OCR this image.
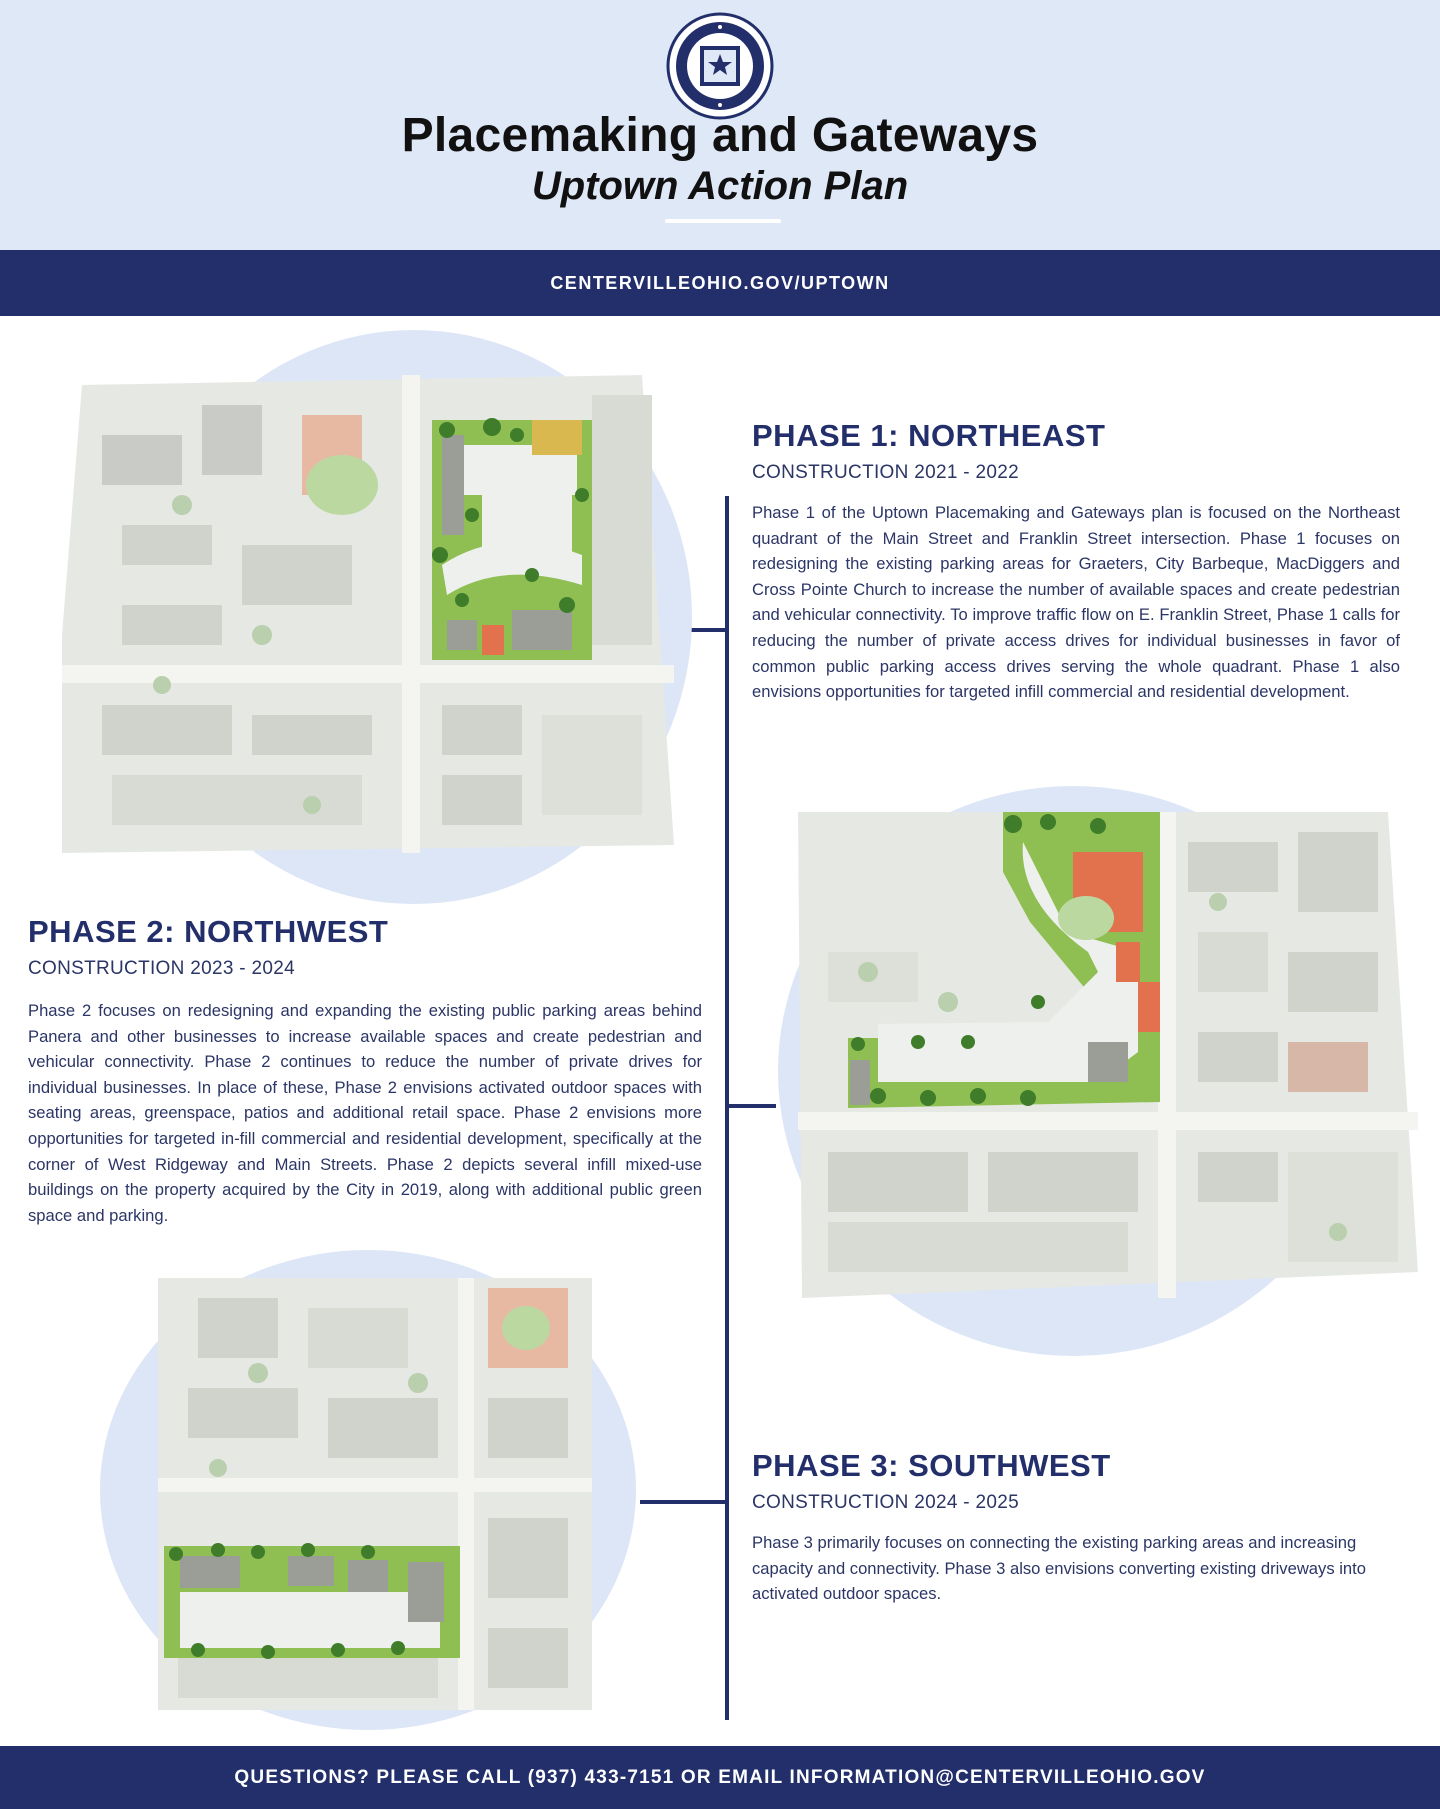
Placemaking and Gateways
Uptown Action Plan
CENTERVILLEOHIO.GOV/UPTOWN
PHASE 1: NORTHEAST
CONSTRUCTION 2021 - 2022

Phase 1 of the Uptown Placemaking and Gateways plan is focused on the Northeast quadrant of the Main Street and Franklin Street intersection. Phase 1 focuses on redesigning the existing parking areas for Graeters, City Barbeque, MacDiggers and Cross Pointe Church to increase the number of available spaces and create pedestrian and vehicular connectivity. To improve traffic flow on E. Franklin Street, Phase 1 calls for reducing the number of private access drives for individual businesses in favor of common public parking access drives serving the whole quadrant. Phase 1 also envisions opportunities for targeted infill commercial and residential development.

PHASE 2: NORTHWEST
CONSTRUCTION 2023 - 2024

Phase 2 focuses on redesigning and expanding the existing public parking areas behind Panera and other businesses to increase available spaces and create pedestrian and vehicular connectivity. Phase 2 continues to reduce the number of private drives for individual businesses. In place of these, Phase 2 envisions activated outdoor spaces with seating areas, greenspace, patios and additional retail space. Phase 2 envisions more opportunities for targeted in-fill commercial and residential development, specifically at the corner of West Ridgeway and Main Streets. Phase 2 depicts several infill mixed-use buildings on the property acquired by the City in 2019, along with additional public green space and parking.

PHASE 3: SOUTHWEST
CONSTRUCTION 2024 - 2025

Phase 3 primarily focuses on connecting the existing parking areas and increasing capacity and connectivity. Phase 3 also envisions converting existing driveways into activated outdoor spaces.

QUESTIONS? PLEASE CALL (937) 433-7151 OR EMAIL INFORMATION@CENTERVILLEOHIO.GOV
